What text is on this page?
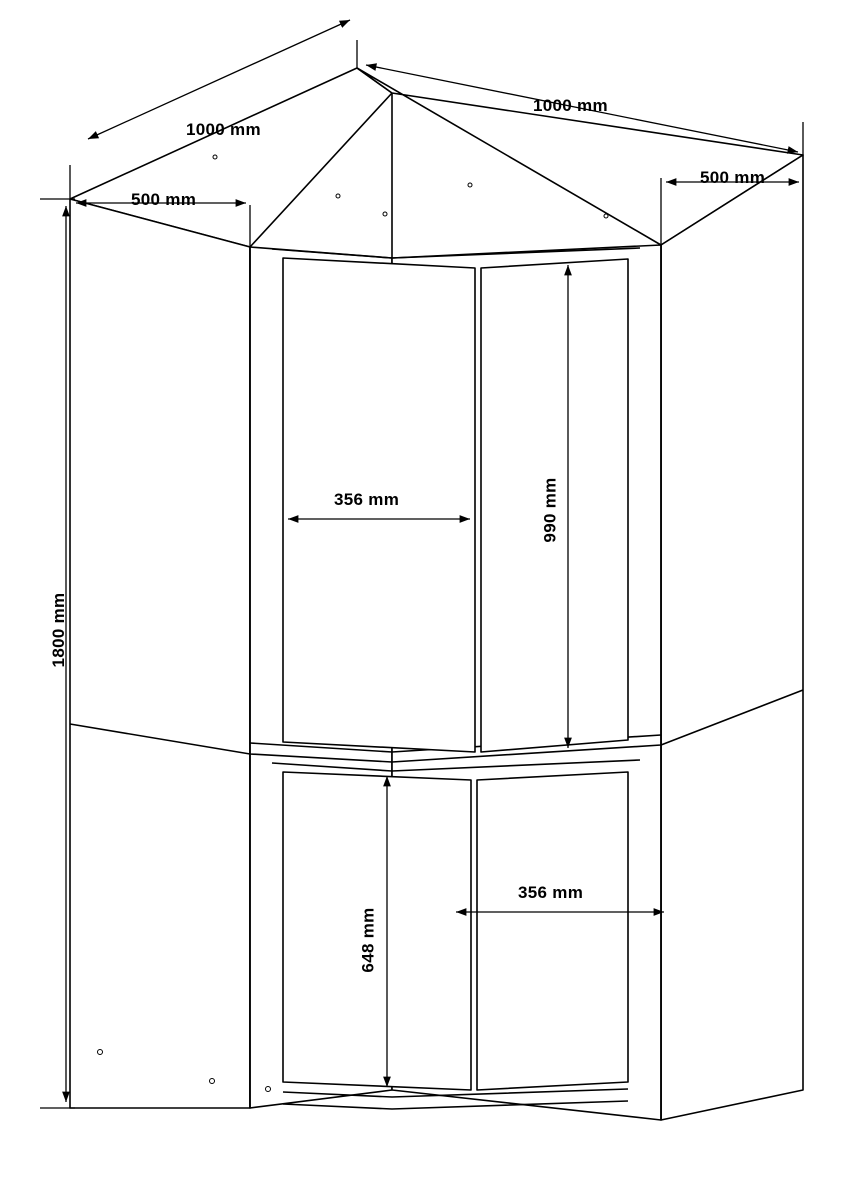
1000 mm
1000 mm
500 mm
500 mm
1800 mm
356 mm	990 mm
648 mm
356 mm
